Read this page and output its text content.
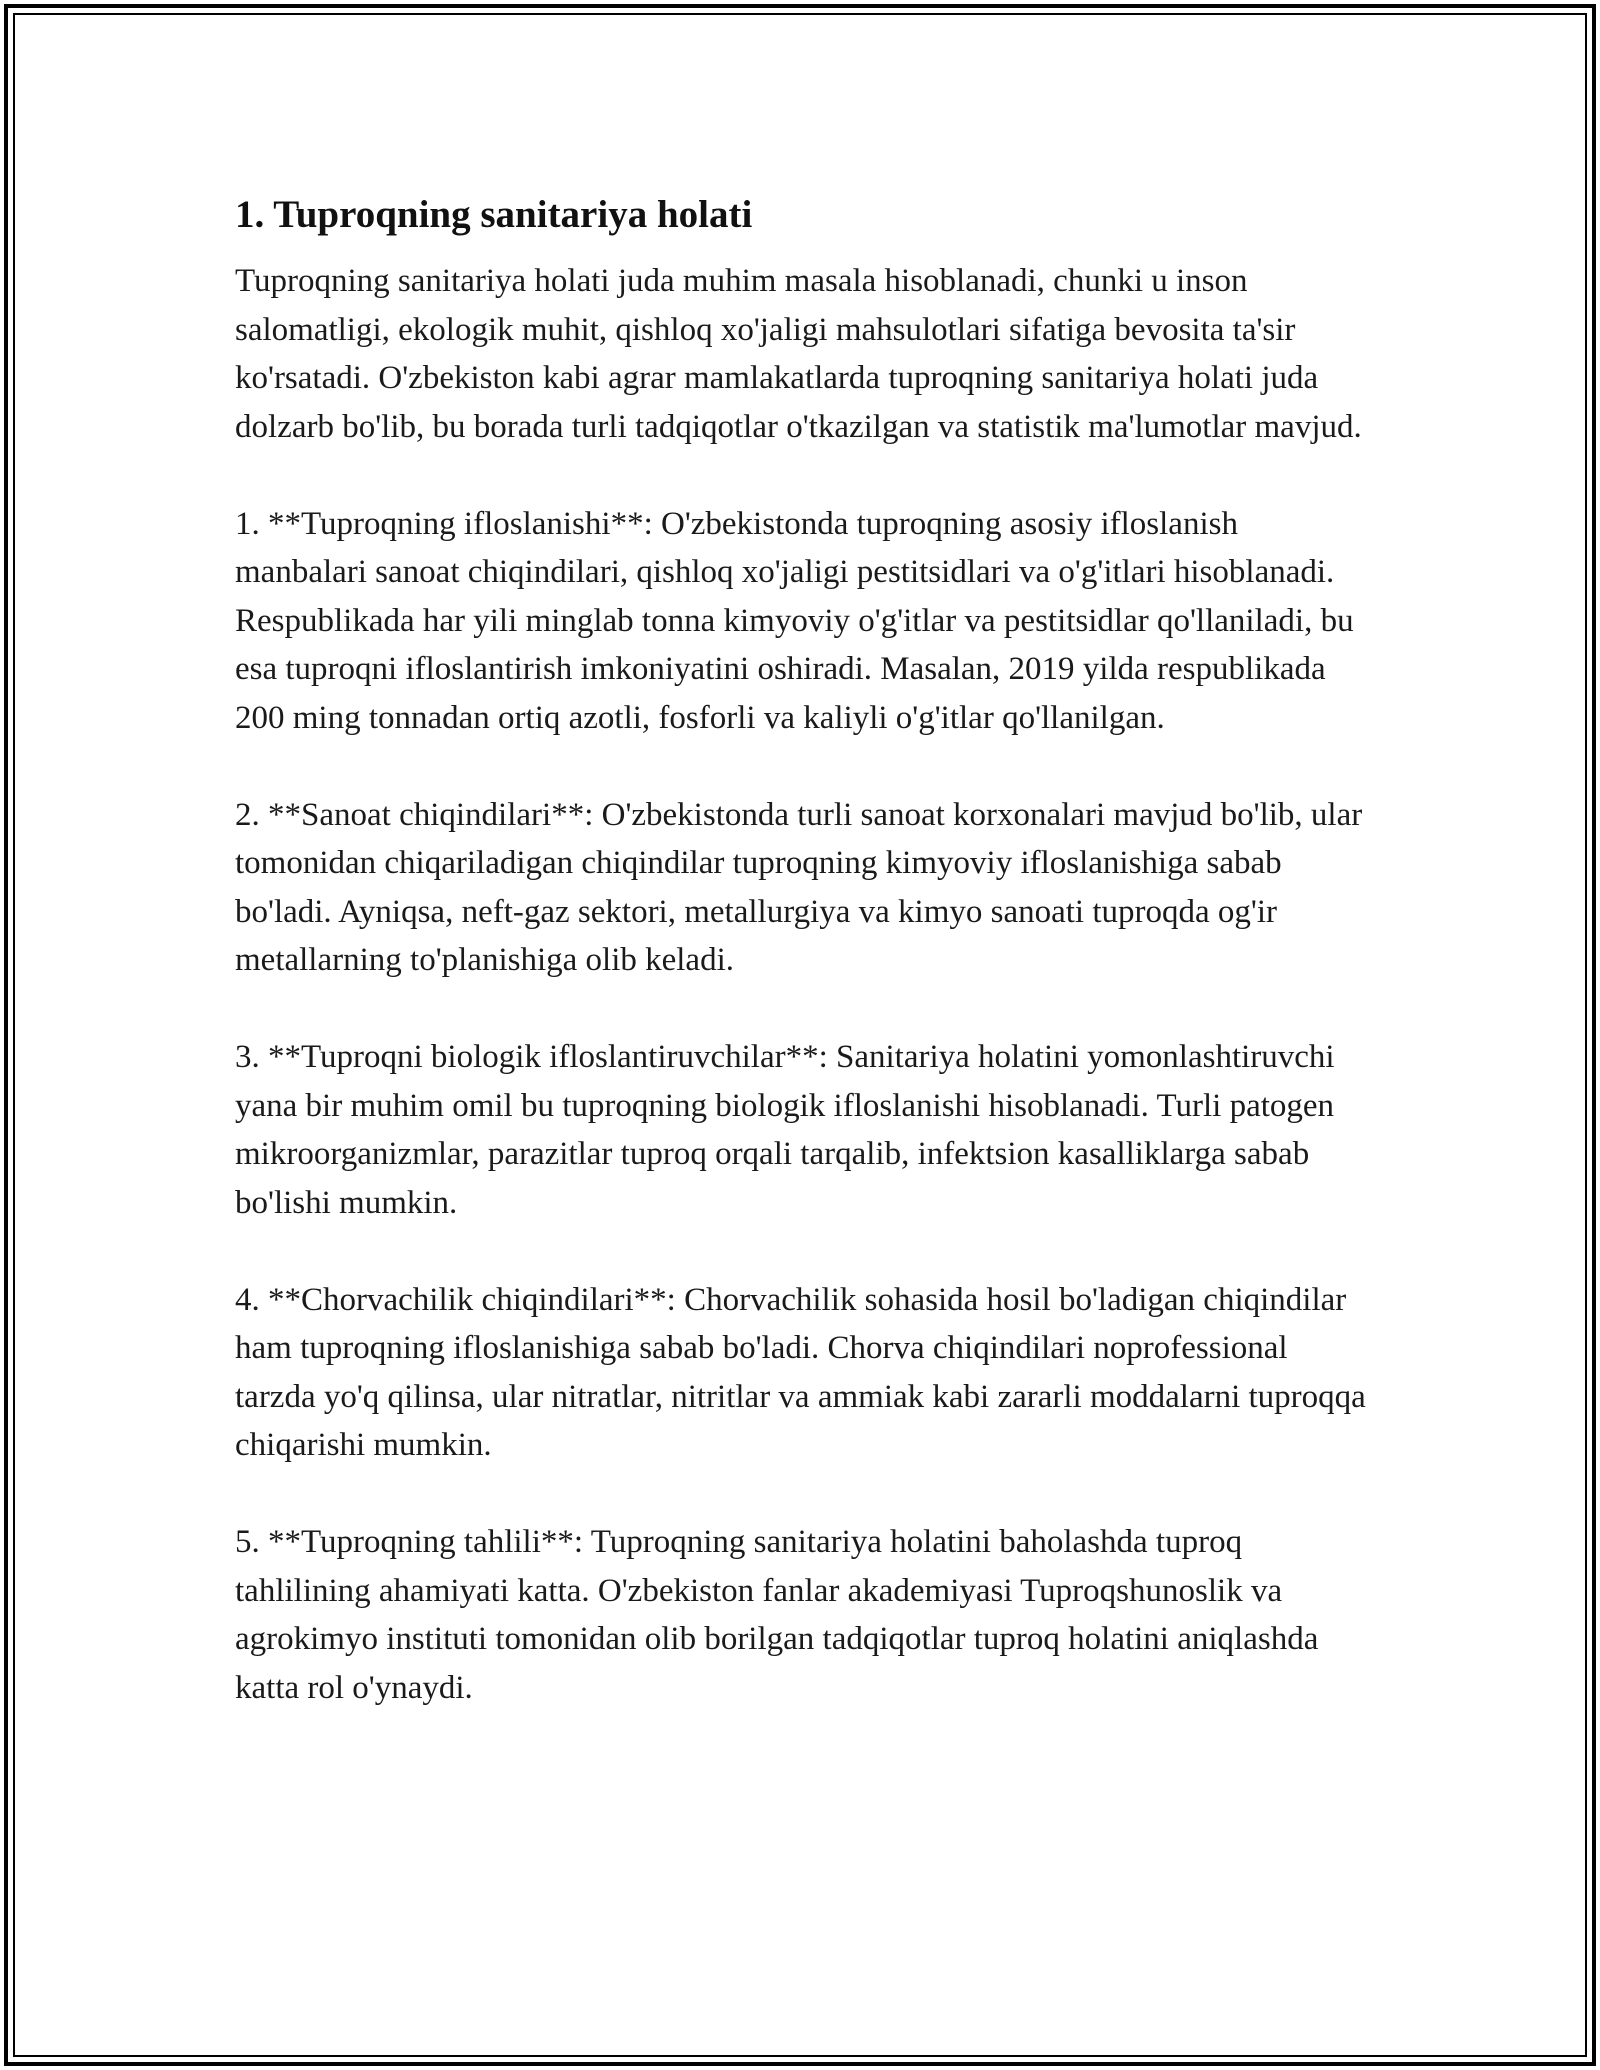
1. Tuproqning sanitariya holati

Tuproqning sanitariya holati juda muhim masala hisoblanadi, chunki u inson salomatligi, ekologik muhit, qishloq xo'jaligi mahsulotlari sifatiga bevosita ta'sir ko'rsatadi. O'zbekiston kabi agrar mamlakatlarda tuproqning sanitariya holati juda dolzarb bo'lib, bu borada turli tadqiqotlar o'tkazilgan va statistik ma'lumotlar mavjud.

1. **Tuproqning ifloslanishi**: O'zbekistonda tuproqning asosiy ifloslanish manbalari sanoat chiqindilari, qishloq xo'jaligi pestitsidlari va o'g'itlari hisoblanadi. Respublikada har yili minglab tonna kimyoviy o'g'itlar va pestitsidlar qo'llaniladi, bu esa tuproqni ifloslantirish imkoniyatini oshiradi. Masalan, 2019 yilda respublikada 200 ming tonnadan ortiq azotli, fosforli va kaliyli o'g'itlar qo'llanilgan.

2. **Sanoat chiqindilari**: O'zbekistonda turli sanoat korxonalari mavjud bo'lib, ular tomonidan chiqariladigan chiqindilar tuproqning kimyoviy ifloslanishiga sabab bo'ladi. Ayniqsa, neft-gaz sektori, metallurgiya va kimyo sanoati tuproqda og'ir metallarning to'planishiga olib keladi.

3. **Tuproqni biologik ifloslantiruvchilar**: Sanitariya holatini yomonlashtiruvchi yana bir muhim omil bu tuproqning biologik ifloslanishi hisoblanadi. Turli patogen mikroorganizmlar, parazitlar tuproq orqali tarqalib, infektsion kasalliklarga sabab bo'lishi mumkin.

4. **Chorvachilik chiqindilari**: Chorvachilik sohasida hosil bo'ladigan chiqindilar ham tuproqning ifloslanishiga sabab bo'ladi. Chorva chiqindilari noprofessional tarzda yo'q qilinsa, ular nitratlar, nitritlar va ammiak kabi zararli moddalarni tuproqqa chiqarishi mumkin.

5. **Tuproqning tahlili**: Tuproqning sanitariya holatini baholashda tuproq tahlilining ahamiyati katta. O'zbekiston fanlar akademiyasi Tuproqshunoslik va agrokimyo instituti tomonidan olib borilgan tadqiqotlar tuproq holatini aniqlashda katta rol o'ynaydi.
